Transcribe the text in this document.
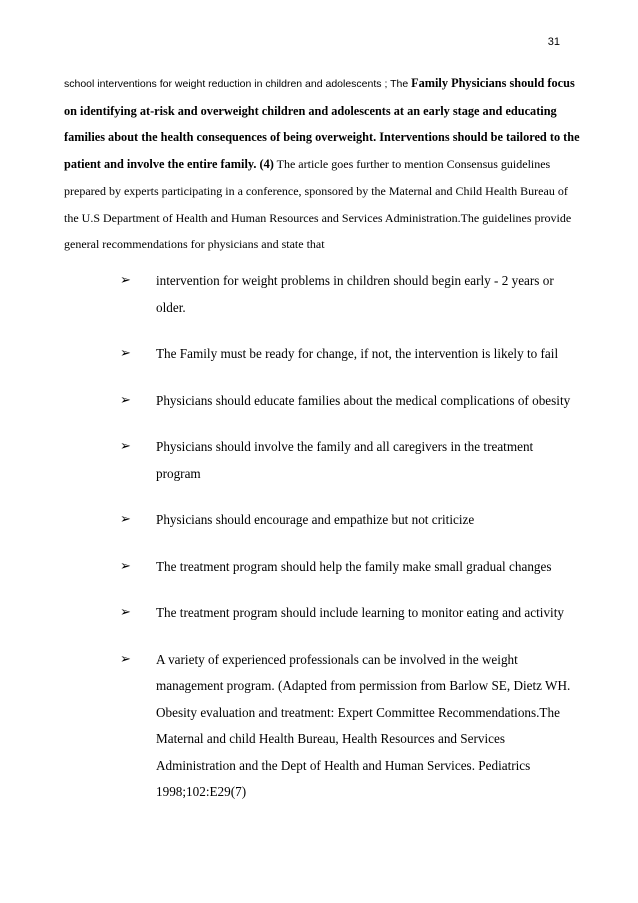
31
school interventions for weight reduction in children and adolescents ; The Family Physicians should focus on identifying at-risk and overweight children and adolescents at an early stage and educating families about the health consequences of being overweight. Interventions should be tailored to the patient and involve the entire family. (4) The article goes further to mention Consensus guidelines prepared by experts participating in a conference, sponsored by the Maternal and Child Health Bureau of the U.S Department of Health and Human Resources and Services Administration.The guidelines provide general recommendations for physicians and state that
➢ intervention for weight problems in children should begin early - 2 years or older.
➢ The Family must be ready for change, if not, the intervention is likely to fail
➢ Physicians should educate families about the medical complications of obesity
➢ Physicians should involve the family and all caregivers in the treatment program
➢ Physicians should encourage and empathize but not criticize
➢ The treatment program should help the family make small gradual changes
➢ The treatment program should include learning to monitor eating and activity
➢ A variety of experienced professionals can be involved in the weight management program. (Adapted from permission from Barlow SE, Dietz WH. Obesity evaluation and treatment: Expert Committee Recommendations.The Maternal and child Health Bureau, Health Resources and Services Administration and the Dept of Health and Human Services. Pediatrics 1998;102:E29(7)
